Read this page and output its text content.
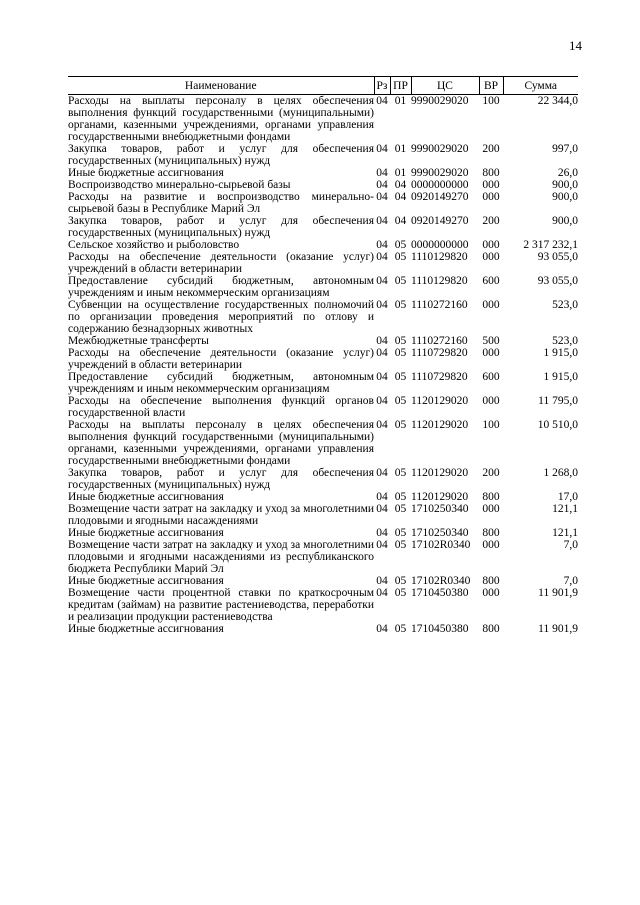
14
Наименование	Рз	ПР	ЦС	ВР	Сумма
Расходы на выплаты персоналу в целях обеспечения выполнения функций государственными (муниципальными) органами, казенными учреждениями, органами управления государственными внебюджетными фондами	04	01	9990029020	100	22 344,0
Закупка товаров, работ и услуг для обеспечения государственных (муниципальных) нужд	04	01	9990029020	200	997,0
Иные бюджетные ассигнования	04	01	9990029020	800	26,0
Воспроизводство минерально-сырьевой базы	04	04	0000000000	000	900,0
Расходы на развитие и воспроизводство минерально-сырьевой базы в Республике Марий Эл	04	04	0920149270	000	900,0
Закупка товаров, работ и услуг для обеспечения государственных (муниципальных) нужд	04	04	0920149270	200	900,0
Сельское хозяйство и рыболовство	04	05	0000000000	000	2 317 232,1
Расходы на обеспечение деятельности (оказание услуг) учреждений в области ветеринарии	04	05	1110129820	000	93 055,0
Предоставление субсидий бюджетным, автономным учреждениям и иным некоммерческим организациям	04	05	1110129820	600	93 055,0
Субвенции на осуществление государственных полномочий по организации проведения мероприятий по отлову и содержанию безнадзорных животных	04	05	1110272160	000	523,0
Межбюджетные трансферты	04	05	1110272160	500	523,0
Расходы на обеспечение деятельности (оказание услуг) учреждений в области ветеринарии	04	05	1110729820	000	1 915,0
Предоставление субсидий бюджетным, автономным учреждениям и иным некоммерческим организациям	04	05	1110729820	600	1 915,0
Расходы на обеспечение выполнения функций органов государственной власти	04	05	1120129020	000	11 795,0
Расходы на выплаты персоналу в целях обеспечения выполнения функций государственными (муниципальными) органами, казенными учреждениями, органами управления государственными внебюджетными фондами	04	05	1120129020	100	10 510,0
Закупка товаров, работ и услуг для обеспечения государственных (муниципальных) нужд	04	05	1120129020	200	1 268,0
Иные бюджетные ассигнования	04	05	1120129020	800	17,0
Возмещение части затрат на закладку и уход за многолетними плодовыми и ягодными насаждениями	04	05	1710250340	000	121,1
Иные бюджетные ассигнования	04	05	1710250340	800	121,1
Возмещение части затрат на закладку и уход за многолетними плодовыми и ягодными насаждениями из республиканского бюджета Республики Марий Эл	04	05	17102R0340	000	7,0
Иные бюджетные ассигнования	04	05	17102R0340	800	7,0
Возмещение части процентной ставки по краткосрочным кредитам (займам) на развитие растениеводства, переработки и реализации продукции растениеводства	04	05	1710450380	000	11 901,9
Иные бюджетные ассигнования	04	05	1710450380	800	11 901,9
